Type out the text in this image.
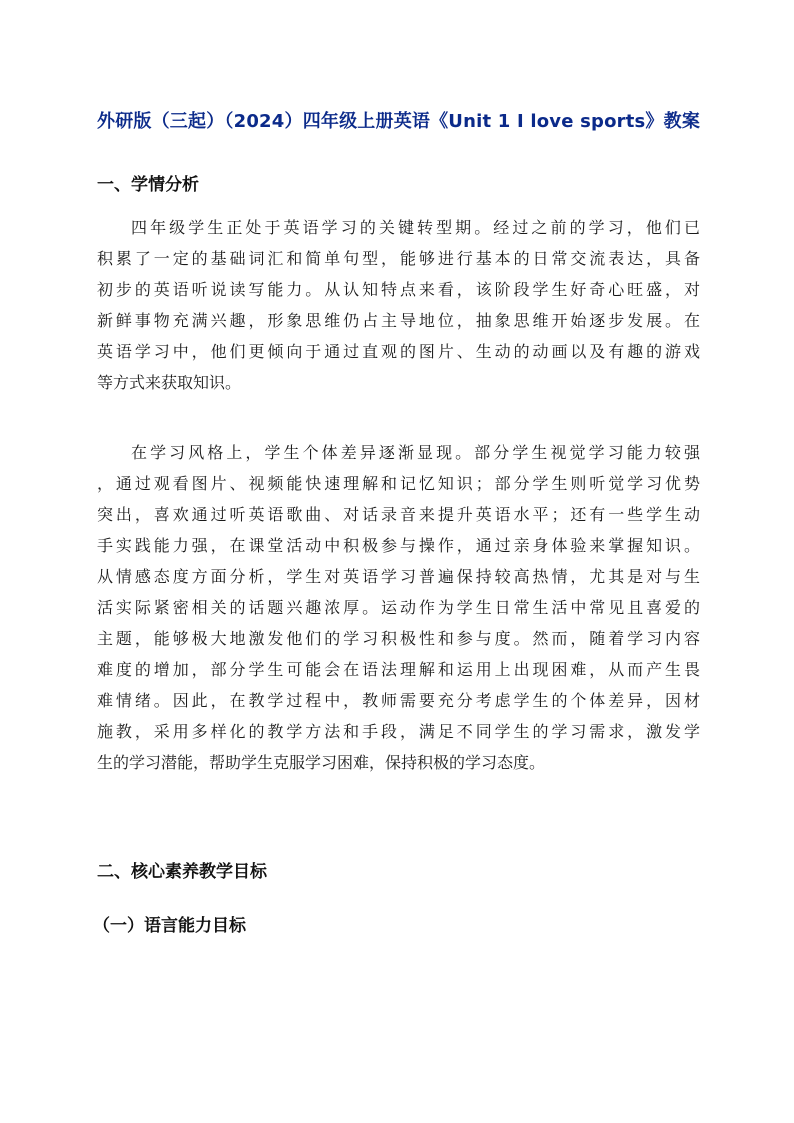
外研版（三起）（2024）四年级上册英语《Unit 1 I love sports》教案
一、学情分析
四年级学生正处于英语学习的关键转型期。经过之前的学习，他们已
积累了一定的基础词汇和简单句型，能够进行基本的日常交流表达，具备
初步的英语听说读写能力。从认知特点来看，该阶段学生好奇心旺盛，对
新鲜事物充满兴趣，形象思维仍占主导地位，抽象思维开始逐步发展。在
英语学习中，他们更倾向于通过直观的图片、生动的动画以及有趣的游戏
等方式来获取知识。
在学习风格上，学生个体差异逐渐显现。部分学生视觉学习能力较强
，通过观看图片、视频能快速理解和记忆知识；部分学生则听觉学习优势
突出，喜欢通过听英语歌曲、对话录音来提升英语水平；还有一些学生动
手实践能力强，在课堂活动中积极参与操作，通过亲身体验来掌握知识。
从情感态度方面分析，学生对英语学习普遍保持较高热情，尤其是对与生
活实际紧密相关的话题兴趣浓厚。运动作为学生日常生活中常见且喜爱的
主题，能够极大地激发他们的学习积极性和参与度。然而，随着学习内容
难度的增加，部分学生可能会在语法理解和运用上出现困难，从而产生畏
难情绪。因此，在教学过程中，教师需要充分考虑学生的个体差异，因材
施教，采用多样化的教学方法和手段，满足不同学生的学习需求，激发学
生的学习潜能，帮助学生克服学习困难，保持积极的学习态度。
二、核心素养教学目标
（一）语言能力目标
